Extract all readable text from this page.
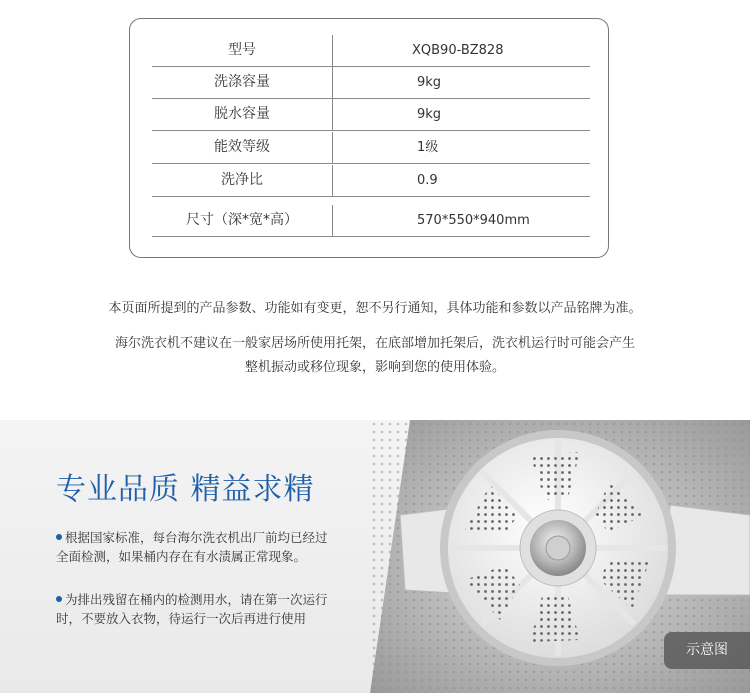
型号	XQB90-BZ828
洗涤容量	9kg
脱水容量	9kg
能效等级	1级
洗净比	0.9
尺寸（深*宽*高）	570*550*940mm
本页面所提到的产品参数、功能如有变更，恕不另行通知，具体功能和参数以产品铭牌为准。
海尔洗衣机不建议在一般家居场所使用托架，在底部增加托架后，洗衣机运行时可能会产生
整机振动或移位现象，影响到您的使用体验。
专业品质 精益求精
根据国家标准，每台海尔洗衣机出厂前均已经过
全面检测，如果桶内存在有水渍属正常现象。
为排出残留在桶内的检测用水，请在第一次运行
时，不要放入衣物，待运行一次后再进行使用
示意图
